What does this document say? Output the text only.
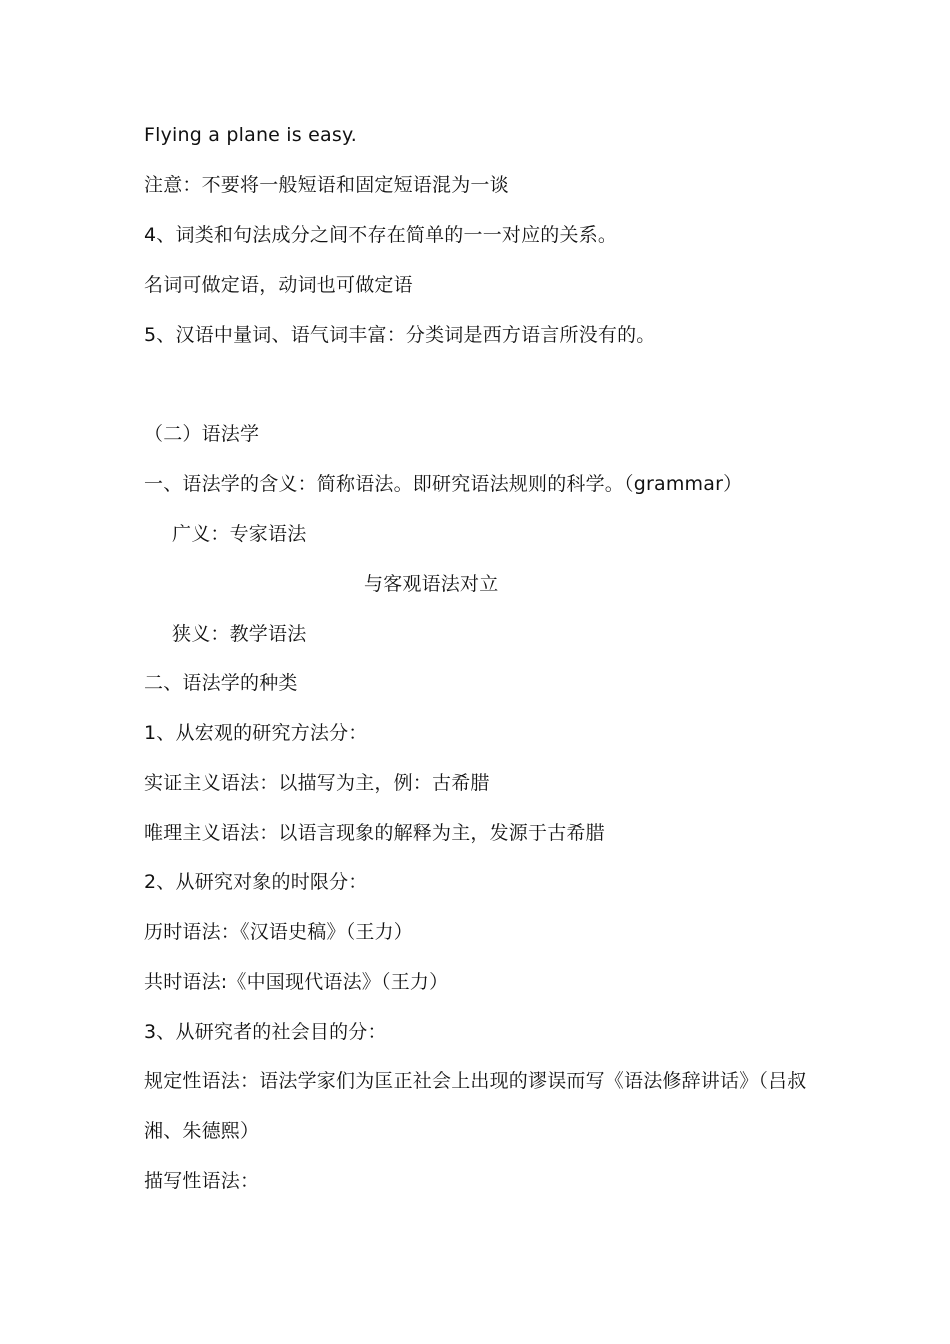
Flying a plane is easy.
注意：不要将一般短语和固定短语混为一谈
4、词类和句法成分之间不存在简单的一一对应的关系。
名词可做定语，动词也可做定语
5、汉语中量词、语气词丰富：分类词是西方语言所没有的。
（二）语法学
一、语法学的含义：简称语法。即研究语法规则的科学。（grammar）
广义：专家语法
与客观语法对立
狭义：教学语法
二、语法学的种类
1、从宏观的研究方法分：
实证主义语法：以描写为主，例：古希腊
唯理主义语法：以语言现象的解释为主，发源于古希腊
2、从研究对象的时限分：
历时语法：《汉语史稿》（王力）
共时语法:《中国现代语法》（王力）
3、从研究者的社会目的分：
规定性语法：语法学家们为匡正社会上出现的谬误而写《语法修辞讲话》（吕叔
湘、朱德熙）
描写性语法：
